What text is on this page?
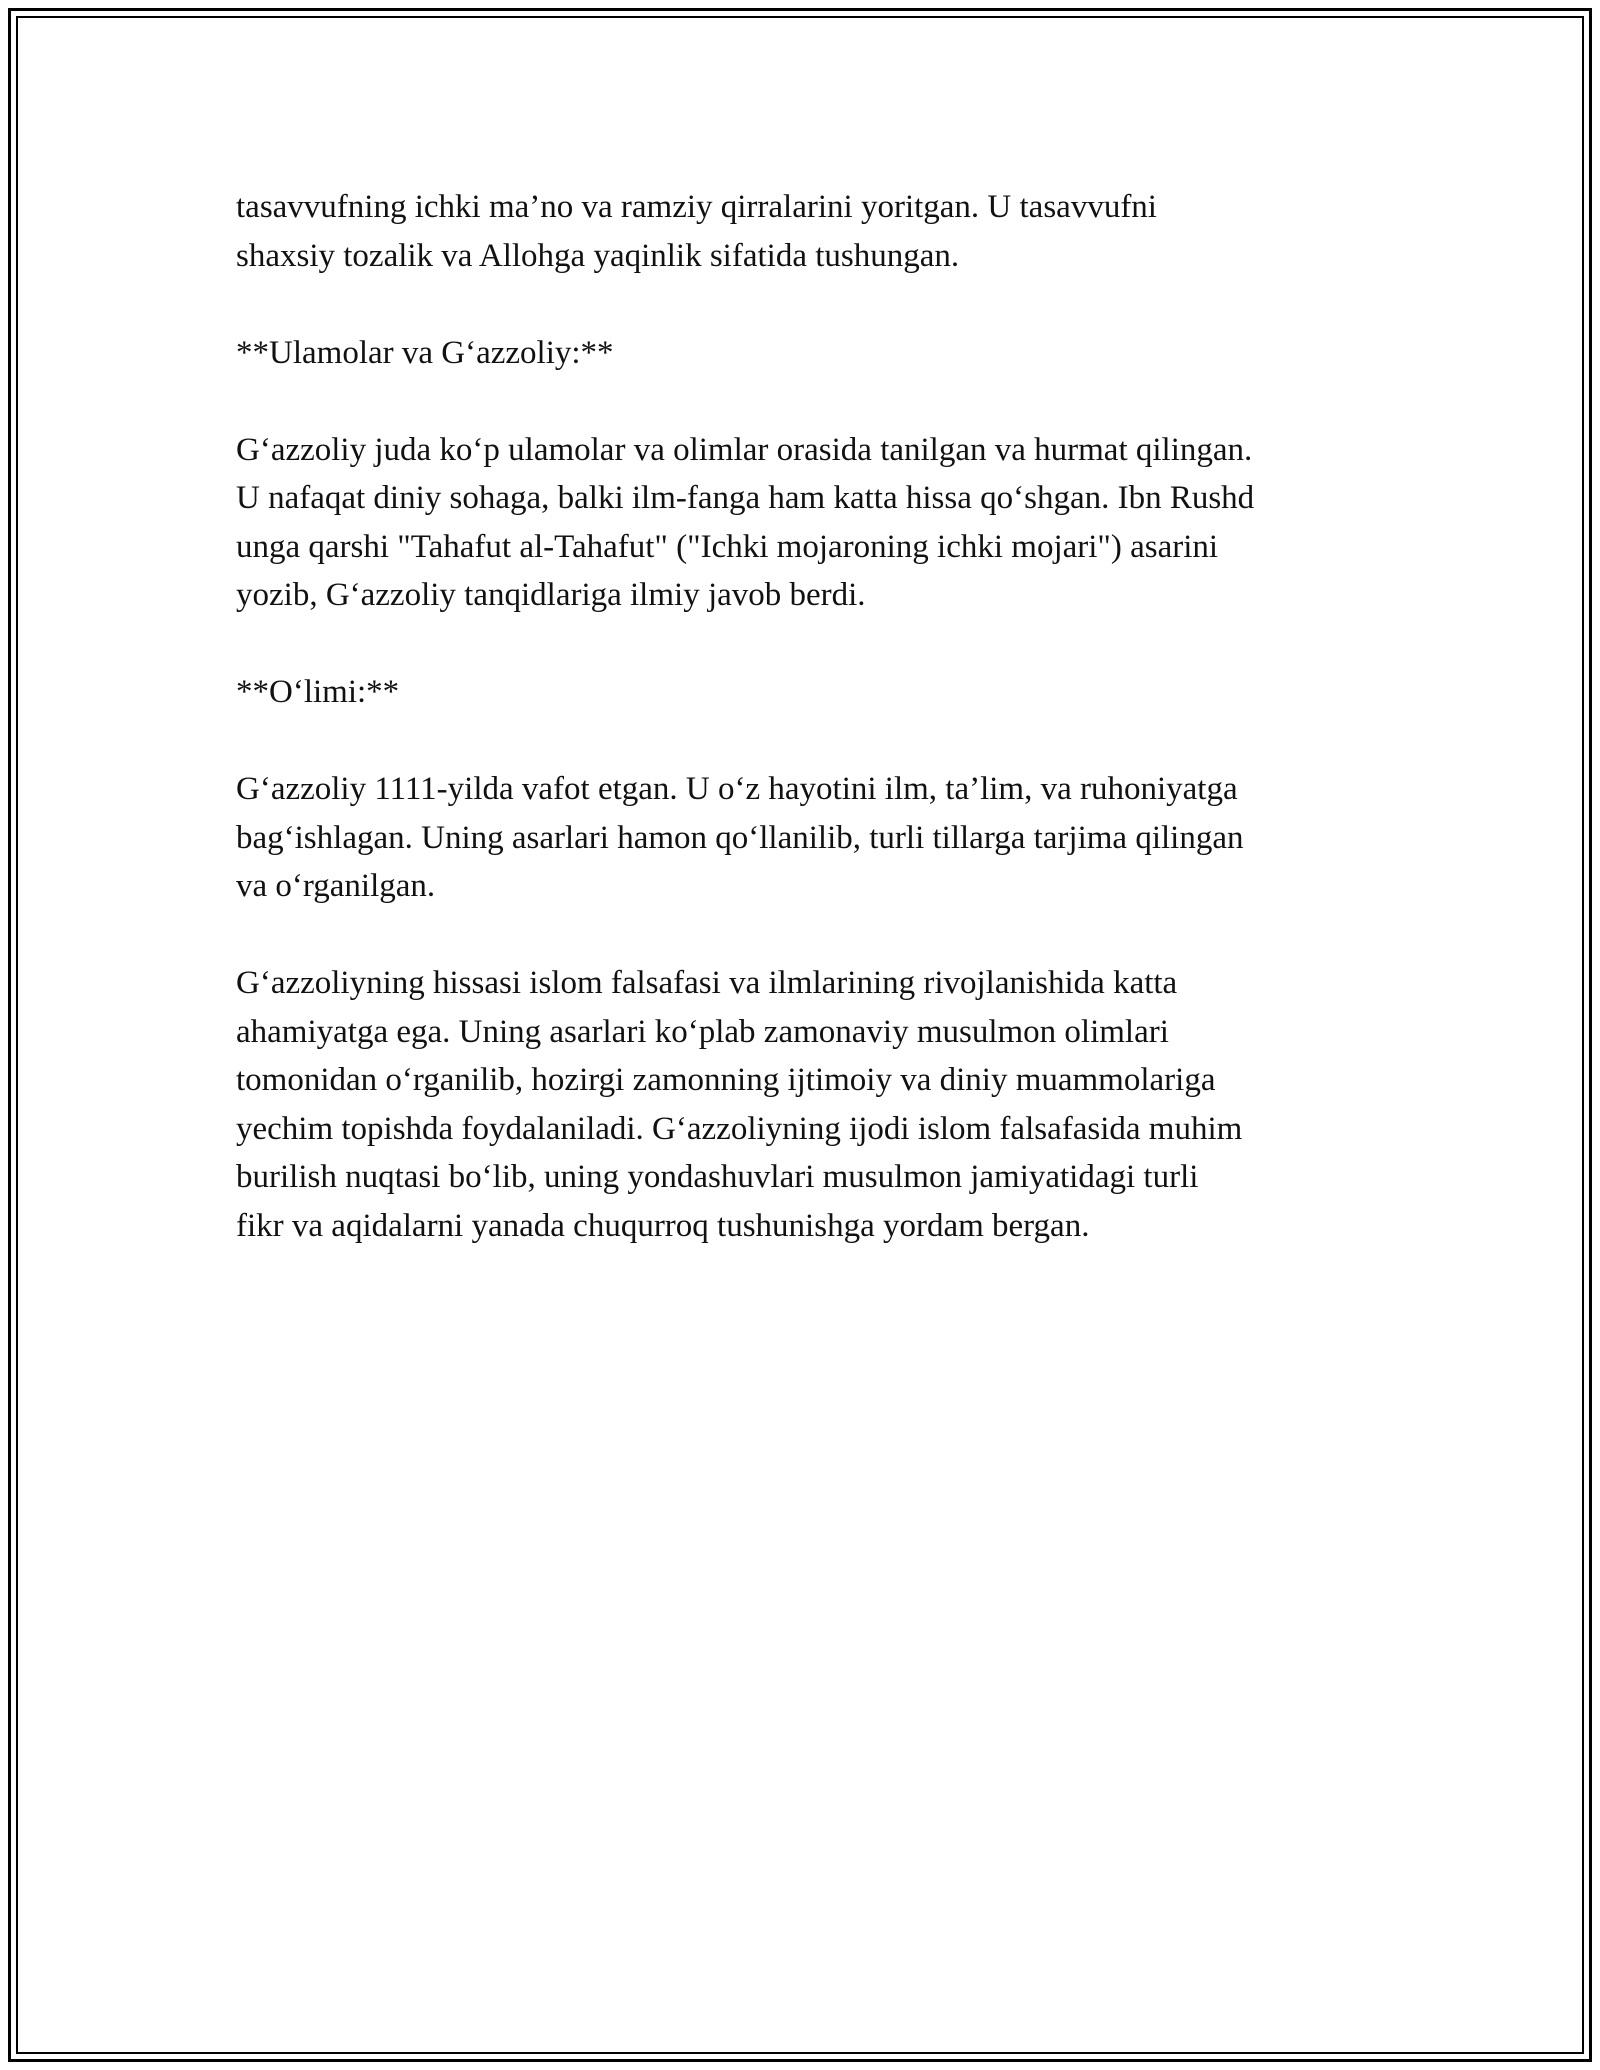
tasavvufning ichki ma’no va ramziy qirralarini yoritgan. U tasavvufni
shaxsiy tozalik va Allohga yaqinlik sifatida tushungan.

**Ulamolar va G‘azzoliy:**

G‘azzoliy juda ko‘p ulamolar va olimlar orasida tanilgan va hurmat qilingan.
U nafaqat diniy sohaga, balki ilm-fanga ham katta hissa qo‘shgan. Ibn Rushd
unga qarshi "Tahafut al-Tahafut" ("Ichki mojaroning ichki mojari") asarini
yozib, G‘azzoliy tanqidlariga ilmiy javob berdi.

**O‘limi:**

G‘azzoliy 1111-yilda vafot etgan. U o‘z hayotini ilm, ta’lim, va ruhoniyatga
bag‘ishlagan. Uning asarlari hamon qo‘llanilib, turli tillarga tarjima qilingan
va o‘rganilgan.

G‘azzoliyning hissasi islom falsafasi va ilmlarining rivojlanishida katta
ahamiyatga ega. Uning asarlari ko‘plab zamonaviy musulmon olimlari
tomonidan o‘rganilib, hozirgi zamonning ijtimoiy va diniy muammolariga
yechim topishda foydalaniladi. G‘azzoliyning ijodi islom falsafasida muhim
burilish nuqtasi bo‘lib, uning yondashuvlari musulmon jamiyatidagi turli
fikr va aqidalarni yanada chuqurroq tushunishga yordam bergan.
